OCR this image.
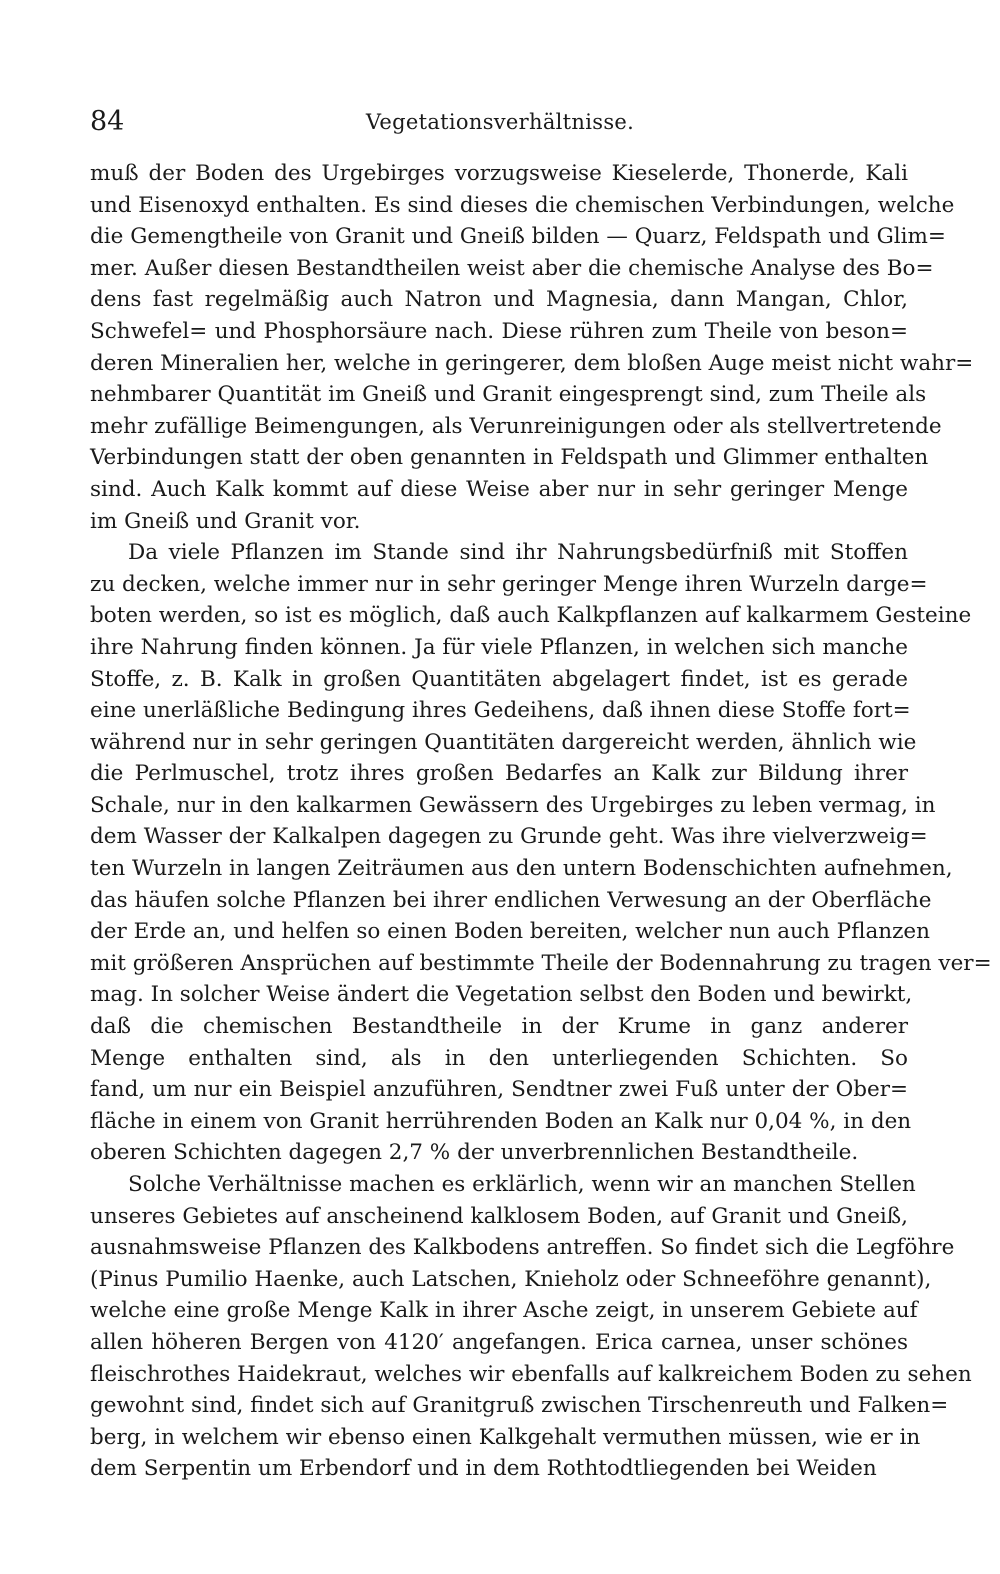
84	Vegetationsverhältnisse.
muß der Boden des Urgebirges vorzugsweise Kieselerde, Thonerde, Kali
und Eisenoxyd enthalten. Es sind dieses die chemischen Verbindungen, welche
die Gemengtheile von Granit und Gneiß bilden — Quarz, Feldspath und Glim=
mer. Außer diesen Bestandtheilen weist aber die chemische Analyse des Bo=
dens fast regelmäßig auch Natron und Magnesia, dann Mangan, Chlor,
Schwefel= und Phosphorsäure nach. Diese rühren zum Theile von beson=
deren Mineralien her, welche in geringerer, dem bloßen Auge meist nicht wahr=
nehmbarer Quantität im Gneiß und Granit eingesprengt sind, zum Theile als
mehr zufällige Beimengungen, als Verunreinigungen oder als stellvertretende
Verbindungen statt der oben genannten in Feldspath und Glimmer enthalten
sind. Auch Kalk kommt auf diese Weise aber nur in sehr geringer Menge
im Gneiß und Granit vor.
Da viele Pflanzen im Stande sind ihr Nahrungsbedürfniß mit Stoffen
zu decken, welche immer nur in sehr geringer Menge ihren Wurzeln darge=
boten werden, so ist es möglich, daß auch Kalkpflanzen auf kalkarmem Gesteine
ihre Nahrung finden können. Ja für viele Pflanzen, in welchen sich manche
Stoffe, z. B. Kalk in großen Quantitäten abgelagert findet, ist es gerade
eine unerläßliche Bedingung ihres Gedeihens, daß ihnen diese Stoffe fort=
während nur in sehr geringen Quantitäten dargereicht werden, ähnlich wie
die Perlmuschel, trotz ihres großen Bedarfes an Kalk zur Bildung ihrer
Schale, nur in den kalkarmen Gewässern des Urgebirges zu leben vermag, in
dem Wasser der Kalkalpen dagegen zu Grunde geht. Was ihre vielverzweig=
ten Wurzeln in langen Zeiträumen aus den untern Bodenschichten aufnehmen,
das häufen solche Pflanzen bei ihrer endlichen Verwesung an der Oberfläche
der Erde an, und helfen so einen Boden bereiten, welcher nun auch Pflanzen
mit größeren Ansprüchen auf bestimmte Theile der Bodennahrung zu tragen ver=
mag. In solcher Weise ändert die Vegetation selbst den Boden und bewirkt,
daß die chemischen Bestandtheile in der Krume in ganz anderer
Menge enthalten sind, als in den unterliegenden Schichten. So
fand, um nur ein Beispiel anzuführen, Sendtner zwei Fuß unter der Ober=
fläche in einem von Granit herrührenden Boden an Kalk nur 0,04 %, in den
oberen Schichten dagegen 2,7 % der unverbrennlichen Bestandtheile.
Solche Verhältnisse machen es erklärlich, wenn wir an manchen Stellen
unseres Gebietes auf anscheinend kalklosem Boden, auf Granit und Gneiß,
ausnahmsweise Pflanzen des Kalkbodens antreffen. So findet sich die Legföhre
(Pinus Pumilio Haenke, auch Latschen, Knieholz oder Schneeföhre genannt),
welche eine große Menge Kalk in ihrer Asche zeigt, in unserem Gebiete auf
allen höheren Bergen von 4120′ angefangen. Erica carnea, unser schönes
fleischrothes Haidekraut, welches wir ebenfalls auf kalkreichem Boden zu sehen
gewohnt sind, findet sich auf Granitgruß zwischen Tirschenreuth und Falken=
berg, in welchem wir ebenso einen Kalkgehalt vermuthen müssen, wie er in
dem Serpentin um Erbendorf und in dem Rothtodtliegenden bei Weiden
